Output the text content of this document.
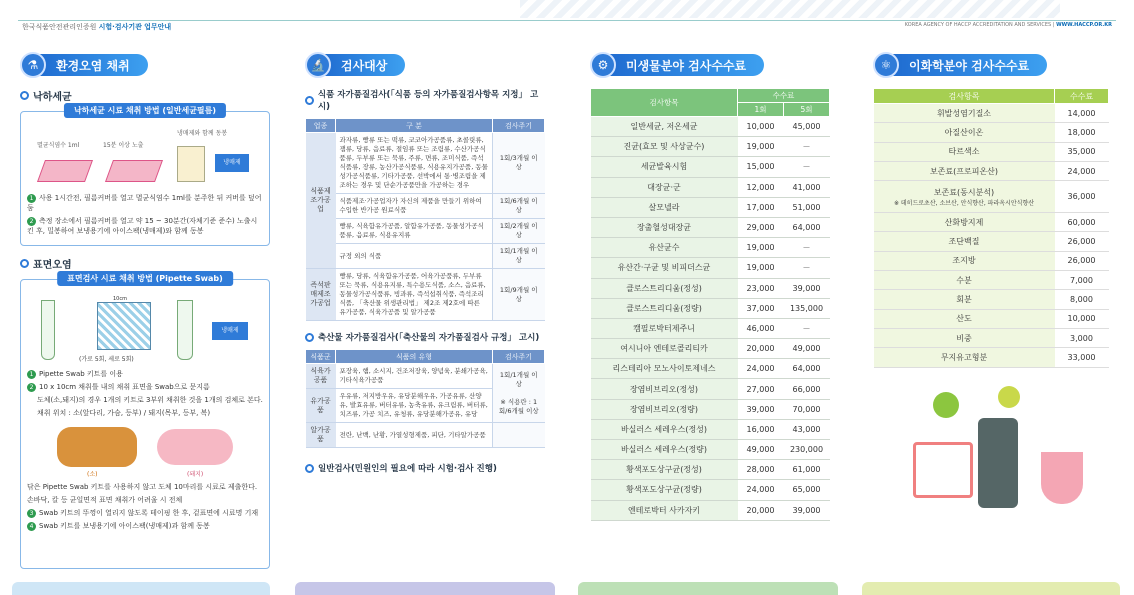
한국식품안전관리인증원 시험·검사기관 업무안내	KOREA AGENCY OF HACCP ACCREDITATION AND SERVICES | WWW.HACCP.OR.KR
⚗	환경오염 채취
낙하세균
낙하세균 시료 채취 방법 (일반세균필름)
멸균식염수 1ml	15분 이상 노출
냉매제와 함께 동봉
냉매제
1 사용 1시간전, 필름커버를 열고 멸균식염수 1ml를 분주한 뒤 커버를 덮어둠
2 측정 장소에서 필름커버를 열고 약 15 ~ 30분간(자체기준 준수) 노출시킨 후, 밀봉하여 보냉용기에 아이스팩(냉매제)와 함께 동봉
표면오염
표면검사 시료 채취 방법 (Pipette Swab)
10cm
(가로 5회, 세로 5회)
냉매제
1 Pipette Swab 키트를 이용
2 10 x 10cm 채취틀 내의 채취 표면을 Swab으로 문지름
도체(소,돼지)의 경우 1개의 키트로 3부위 채취한 것을 1개의 검체로 본다.
채취 위치 : 소(앞다리, 가슴, 등부) / 돼지(목부, 등부, 복)
(소)	(돼지)
닦은 Pipette Swab 키트를 사용하지 않고 도체 10마리를 시료로 제출한다.
손바닥, 칼 등 균일면적 표면 채취가 어려울 시 전체
3 Swab 키트의 뚜껑이 열리지 않도록 테이핑 한 후, 겉표면에 시료명 기재
4 Swab 키트를 보냉용기에 아이스팩(냉매제)과 함께 동봉
🔬	검사대상
식품 자가품질검사(「식품 등의 자가품질검사항목 지정」 고시)
업종	구 분	검사주기
식품제조가공업	과자류, 빵류 또는 떡류, 코코아가공품류, 초콜릿류, 잼류, 당류, 음료류, 절임류 또는 조림류, 수산가공식품류, 두부류 또는 묵류, 주류, 면류, 조미식품, 즉석식품류, 장류, 농산가공식품류, 식용유지가공품, 동물성가공식품류, 기타가공품, 선박에서 통·병조림을 제조하는 경우 및 단순가공품만을 가공하는 경우	1회/3개월 이상
	식품제조·가공업자가 자신의 제품을 만들기 위하여 수입한 반가공 원료식품	1회/6개월 이상
	빵류, 식육함유가공품, 알함유가공품, 동물성가공식품류, 음료류, 식용유지류	1회/2개월 이상
	규정 외의 식품	1회/1개월 이상
즉석판매제조가공업	빵류, 당류, 식육함유가공품, 어육가공품류, 두부류 또는 묵류, 식용유지류, 특수용도식품, 소스, 음료류, 동물성가공식품류, 빙과류, 즉석섭취식품, 즉석조리식품, 「축산물 위생관리법」 제2조 제2호에 따른 유가공품, 식육가공품 및 알가공품	1회/9개월 이상
축산물 자가품질검사(「축산물의 자가품질검사 규정」 고시)
식품군	식품의 유형	검사주기
식육가공품	포장육, 햄, 소시지, 건조저장육, 양념육, 분쇄가공육, 기타식육가공품	1회/1개월 이상

※ 식용란 : 1회/6개월 이상
유가공품	우유류, 저지방우유, 유당분해우유, 가공유류, 산양유, 발효유류, 버터유류, 농축유류, 유크림류, 버터류, 치즈류, 가공 치즈, 유청류, 유당분해가공유, 유당	
알가공품	전란, 난백, 난황, 가열성형제품, 피단, 기타알가공품	
일반검사(민원인의 필요에 따라 시험·검사 진행)
⚙	미생물분야 검사수수료
검사항목	수수료	
	1회	5회
일반세균, 저온세균	10,000	45,000
진균(효모 및 사상균수)	19,000	－
세균발육시험	15,000	－
대장균·군	12,000	41,000
살모넬라	17,000	51,000
장출혈성대장균	29,000	64,000
유산균수	19,000	－
유산간·구균 및 비피더스균	19,000	－
클로스트리디움(정성)	23,000	39,000
클로스트리디움(정량)	37,000	135,000
캠필로박터제주니	46,000	－
여시니아 엔테로콜리티카	20,000	49,000
리스테리아 모노사이토제네스	24,000	64,000
장염비브리오(정성)	27,000	66,000
장염비브리오(정량)	39,000	70,000
바실러스 세레우스(정성)	16,000	43,000
바실러스 세레우스(정량)	49,000	230,000
황색포도상구균(정성)	28,000	61,000
황색포도상구균(정량)	24,000	65,000
엔테로박터 사카자키	20,000	39,000
⚛	이화학분야 검사수수료
검사항목	수수료

휘발성염기질소	14,000

아질산이온	18,000

타르색소	35,000

보존료(프로피온산)	24,000

보존료(동시분석)
※ 데히드로초산, 소브산, 안식향산, 파라옥시안식향산	36,000

산화방지제	60,000

조단백질	26,000

조지방	26,000

수분	7,000

회분	8,000

산도	10,000

비중	3,000

무지유고형분	33,000
